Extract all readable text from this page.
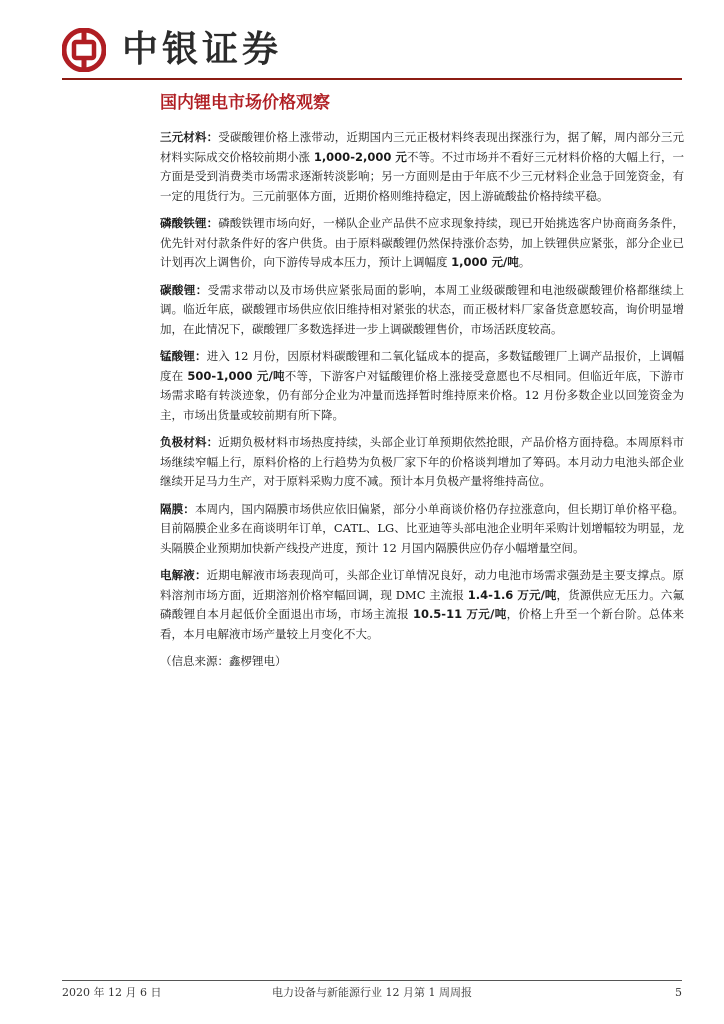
中银证券
国内锂电市场价格观察

三元材料：受碳酸锂价格上涨带动，近期国内三元正极材料终表现出探涨行为，据了解，周内部分三元材料实际成交价格较前期小涨 1,000-2,000 元不等。不过市场并不看好三元材料价格的大幅上行，一方面是受到消费类市场需求逐渐转淡影响；另一方面则是由于年底不少三元材料企业急于回笼资金，有一定的甩货行为。三元前驱体方面，近期价格则维持稳定，因上游硫酸盐价格持续平稳。

磷酸铁锂：磷酸铁锂市场向好，一梯队企业产品供不应求现象持续，现已开始挑选客户协商商务条件，优先针对付款条件好的客户供货。由于原料碳酸锂仍然保持涨价态势，加上铁锂供应紧张，部分企业已计划再次上调售价，向下游传导成本压力，预计上调幅度 1,000 元/吨。

碳酸锂：受需求带动以及市场供应紧张局面的影响，本周工业级碳酸锂和电池级碳酸锂价格都继续上调。临近年底，碳酸锂市场供应依旧维持相对紧张的状态，而正极材料厂家备货意愿较高，询价明显增加，在此情况下，碳酸锂厂多数选择进一步上调碳酸锂售价，市场活跃度较高。

锰酸锂：进入 12 月份，因原材料碳酸锂和二氧化锰成本的提高，多数锰酸锂厂上调产品报价，上调幅度在 500-1,000 元/吨不等，下游客户对锰酸锂价格上涨接受意愿也不尽相同。但临近年底，下游市场需求略有转淡迹象，仍有部分企业为冲量而选择暂时维持原来价格。12 月份多数企业以回笼资金为主，市场出货量或较前期有所下降。

负极材料：近期负极材料市场热度持续，头部企业订单预期依然抢眼，产品价格方面持稳。本周原料市场继续窄幅上行，原料价格的上行趋势为负极厂家下年的价格谈判增加了筹码。本月动力电池头部企业继续开足马力生产，对于原料采购力度不减。预计本月负极产量将维持高位。

隔膜：本周内，国内隔膜市场供应依旧偏紧，部分小单商谈价格仍存拉涨意向，但长期订单价格平稳。目前隔膜企业多在商谈明年订单，CATL、LG、比亚迪等头部电池企业明年采购计划增幅较为明显，龙头隔膜企业预期加快新产线投产进度，预计 12 月国内隔膜供应仍存小幅增量空间。

电解液：近期电解液市场表现尚可，头部企业订单情况良好，动力电池市场需求强劲是主要支撑点。原料溶剂市场方面，近期溶剂价格窄幅回调，现 DMC 主流报 1.4-1.6 万元/吨，货源供应无压力。六氟磷酸锂自本月起低价全面退出市场，市场主流报 10.5-11 万元/吨，价格上升至一个新台阶。总体来看，本月电解液市场产量较上月变化不大。

（信息来源：鑫椤锂电）

2020 年 12 月 6 日	电力设备与新能源行业 12 月第 1 周周报	5
